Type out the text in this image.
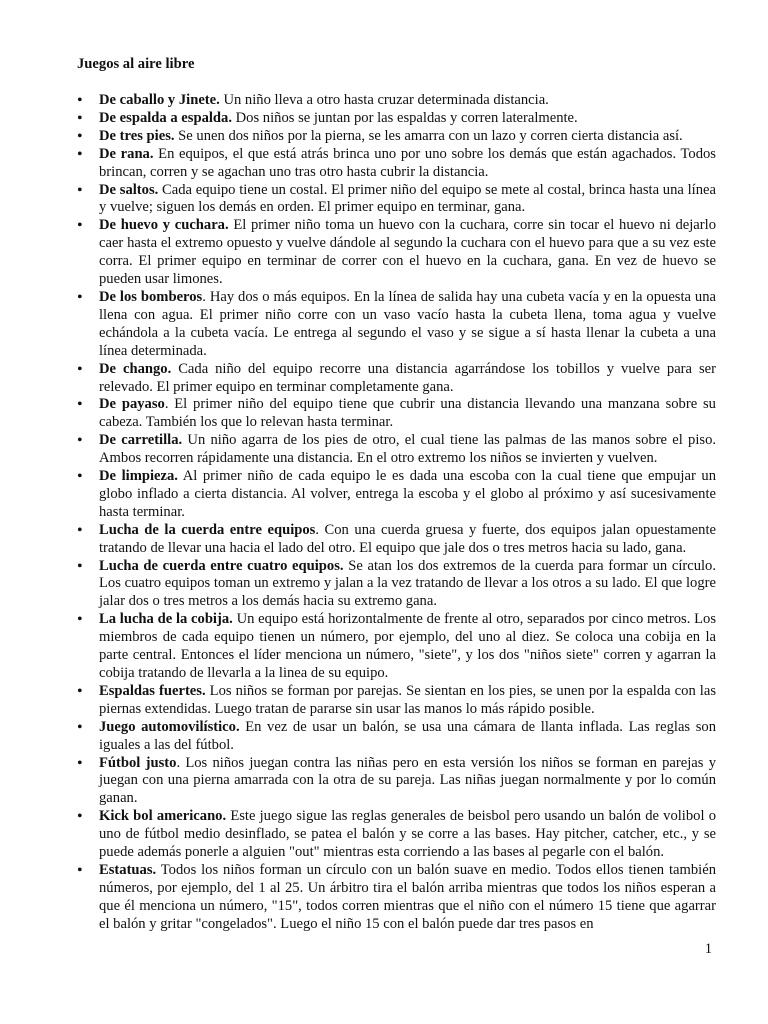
Juegos al aire libre
• De caballo y Jinete. Un niño lleva a otro hasta cruzar determinada distancia.
• De espalda a espalda. Dos niños se juntan por las espaldas y corren lateralmente.
• De tres pies. Se unen dos niños por la pierna, se les amarra con un lazo y corren cierta distancia así.
• De rana. En equipos, el que está atrás brinca uno por uno sobre los demás que están agachados. Todos brincan, corren y se agachan uno tras otro hasta cubrir la distancia.
• De saltos. Cada equipo tiene un costal. El primer niño del equipo se mete al costal, brinca hasta una línea y vuelve; siguen los demás en orden. El primer equipo en terminar, gana.
• De huevo y cuchara. El primer niño toma un huevo con la cuchara, corre sin tocar el huevo ni dejarlo caer hasta el extremo opuesto y vuelve dándole al segundo la cuchara con el huevo para que a su vez este corra. El primer equipo en terminar de correr con el huevo en la cuchara, gana. En vez de huevo se pueden usar limones.
• De los bomberos. Hay dos o más equipos. En la línea de salida hay una cubeta vacía y en la opuesta una llena con agua. El primer niño corre con un vaso vacío hasta la cubeta llena, toma agua y vuelve echándola a la cubeta vacía. Le entrega al segundo el vaso y se sigue a sí hasta llenar la cubeta a una línea determinada.
• De chango. Cada niño del equipo recorre una distancia agarrándose los tobillos y vuelve para ser relevado. El primer equipo en terminar completamente gana.
• De payaso. El primer niño del equipo tiene que cubrir una distancia llevando una manzana sobre su cabeza. También los que lo relevan hasta terminar.
• De carretilla. Un niño agarra de los pies de otro, el cual tiene las palmas de las manos sobre el piso. Ambos recorren rápidamente una distancia. En el otro extremo los niños se invierten y vuelven.
• De limpieza. Al primer niño de cada equipo le es dada una escoba con la cual tiene que empujar un globo inflado a cierta distancia. Al volver, entrega la escoba y el globo al próximo y así sucesivamente hasta terminar.
• Lucha de la cuerda entre equipos. Con una cuerda gruesa y fuerte, dos equipos jalan opuestamente tratando de llevar una hacia el lado del otro. El equipo que jale dos o tres metros hacia su lado, gana.
• Lucha de cuerda entre cuatro equipos. Se atan los dos extremos de la cuerda para formar un círculo. Los cuatro equipos toman un extremo y jalan a la vez tratando de llevar a los otros a su lado. El que logre jalar dos o tres metros a los demás hacia su extremo gana.
• La lucha de la cobija. Un equipo está horizontalmente de frente al otro, separados por cinco metros. Los miembros de cada equipo tienen un número, por ejemplo, del uno al diez. Se coloca una cobija en la parte central. Entonces el líder menciona un número, "siete", y los dos "niños siete" corren y agarran la cobija tratando de llevarla a la linea de su equipo.
• Espaldas fuertes. Los niños se forman por parejas. Se sientan en los pies, se unen por la espalda con las piernas extendidas. Luego tratan de pararse sin usar las manos lo más rápido posible.
• Juego automovilístico. En vez de usar un balón, se usa una cámara de llanta inflada. Las reglas son iguales a las del fútbol.
• Fútbol justo. Los niños juegan contra las niñas pero en esta versión los niños se forman en parejas y juegan con una pierna amarrada con la otra de su pareja. Las niñas juegan normalmente y por lo común ganan.
• Kick bol americano. Este juego sigue las reglas generales de beisbol pero usando un balón de volibol o uno de fútbol medio desinflado, se patea el balón y se corre a las bases. Hay pitcher, catcher, etc., y se puede además ponerle a alguien "out" mientras esta corriendo a las bases al pegarle con el balón.
• Estatuas. Todos los niños forman un círculo con un balón suave en medio. Todos ellos tienen también números, por ejemplo, del 1 al 25. Un árbitro tira el balón arriba mientras que todos los niños esperan a que él menciona un número, "15", todos corren mientras que el niño con el número 15 tiene que agarrar el balón y gritar "congelados". Luego el niño 15 con el balón puede dar tres pasos en
1
